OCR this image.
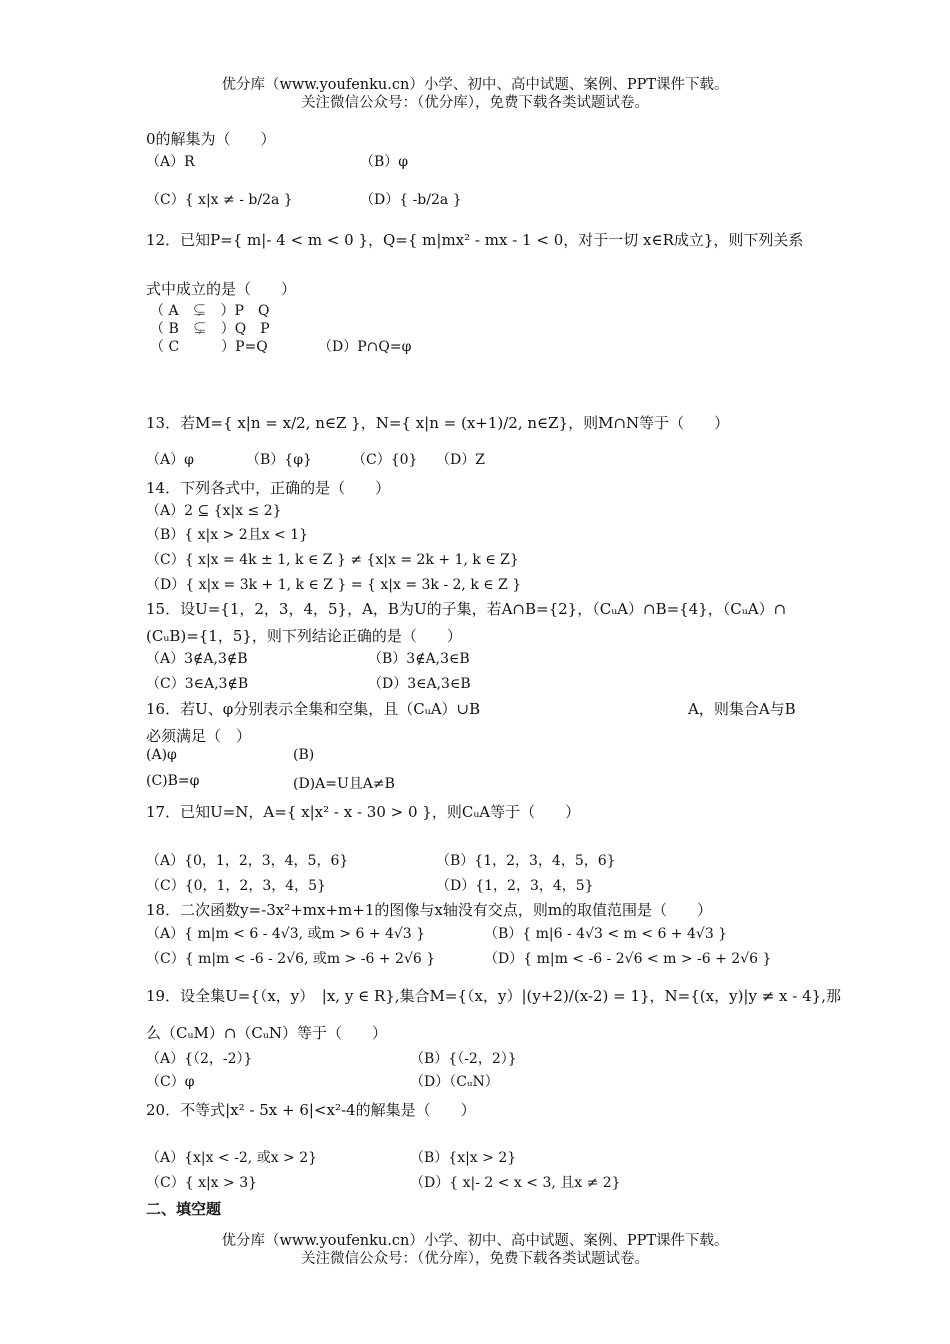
优分库（www.youfenku.cn）小学、初中、高中试题、案例、PPT课件下载。
关注微信公众号：（优分库），免费下载各类试题试卷。
0的解集为（　　）
（A）R	（B）φ
（C）{ x|x ≠ - b/2a }	（D）{ -b/2a }
12．已知P={ m|- 4 < m < 0 }，Q={ m|mx² - mx - 1 < 0，对于一切 x∈R成立}，则下列关系
式中成立的是（　　）
（ A　⊊　）P　Q
（ B　⊊　）Q　P
（ C　　　）P=Q	（D）P∩Q=φ
13．若M={ x|n = x/2, n∈Z }，N={ x|n = (x+1)/2, n∈Z}，则M∩N等于（　　）
（A）φ	（B）{φ}	（C）{0} （D）Z
14．下列各式中，正确的是（　　）
（A）2 ⊆ {x|x ≤ 2}
（B）{ x|x > 2且x < 1}
（C）{ x|x = 4k ± 1, k ∈ Z } ≠ {x|x = 2k + 1, k ∈ Z}
（D）{ x|x = 3k + 1, k ∈ Z } = { x|x = 3k - 2, k ∈ Z }
15．设U={1，2，3，4，5}，A，B为U的子集，若A∩B={2}，（CᵤA）∩B={4}，（CᵤA）∩
(CᵤB)={1，5}，则下列结论正确的是（　　）
（A）3∉A,3∉B	（B）3∉A,3∈B
（C）3∈A,3∉B	（D）3∈A,3∈B
16．若U、φ分别表示全集和空集，且（CᵤA）∪B	A，则集合A与B
必须满足（　）
(A)φ	(B)
(C)B=φ	(D)A=U且A≠B
17．已知U=N，A={ x|x² - x - 30 > 0 }，则CᵤA等于（　　）
（A）{0，1，2，3，4，5，6}	（B）{1，2，3，4，5，6}
（C）{0，1，2，3，4，5}	（D）{1，2，3，4，5}
18．二次函数y=-3x²+mx+m+1的图像与x轴没有交点，则m的取值范围是（　　）
（A）{ m|m < 6 - 4√3, 或m > 6 + 4√3 }	（B）{ m|6 - 4√3 < m < 6 + 4√3 }
（C）{ m|m < -6 - 2√6, 或m > -6 + 2√6 }	（D）{ m|m < -6 - 2√6 < m > -6 + 2√6 }
19．设全集U={（x，y）　|x, y ∈ R},集合M={（x，y）|(y+2)/(x-2) = 1}，N={(x，y)|y ≠ x - 4},那
么（CᵤM）∩（CᵤN）等于（　　）
（A）{（2，-2）}	（B）{（-2，2）}
（C）φ	（D）（CᵤN）
20．不等式|x² - 5x + 6|<x²-4的解集是（　　）
（A）{x|x < -2, 或x > 2}	（B）{x|x > 2}
（C）{ x|x > 3}	（D）{ x|- 2 < x < 3, 且x ≠ 2}
二、填空题
优分库（www.youfenku.cn）小学、初中、高中试题、案例、PPT课件下载。
关注微信公众号：（优分库），免费下载各类试题试卷。
